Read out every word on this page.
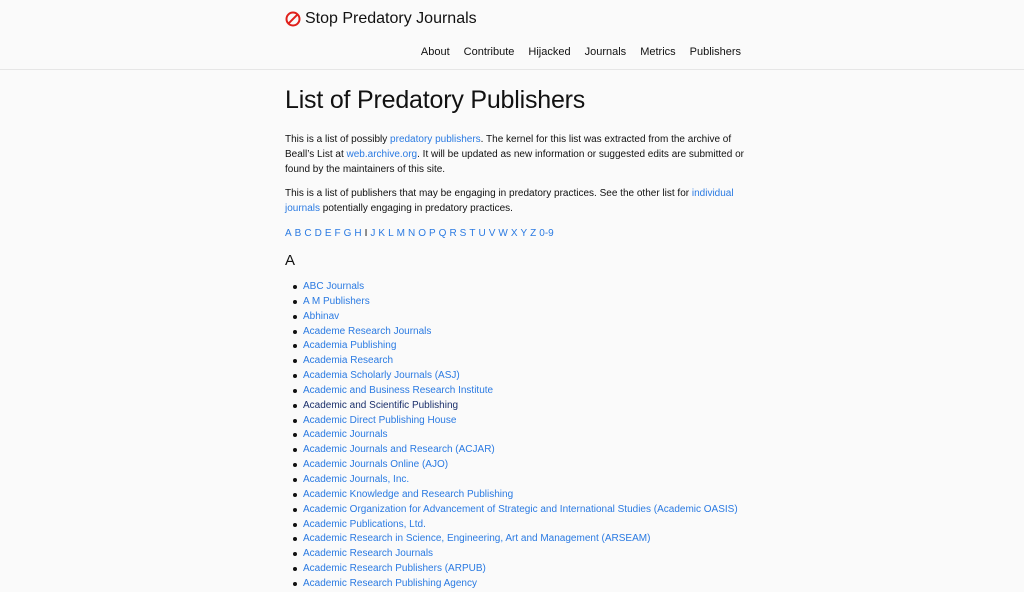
Stop Predatory Journals
About Contribute Hijacked Journals Metrics Publishers
List of Predatory Publishers

This is a list of possibly predatory publishers. The kernel for this list was extracted from the archive of Beall’s List at web.archive.org. It will be updated as new information or suggested edits are submitted or found by the maintainers of this site.

This is a list of publishers that may be engaging in predatory practices. See the other list for individual journals potentially engaging in predatory practices.

A B C D E F G H I J K L M N O P Q R S T U V W X Y Z 0-9
A
ABC Journals
A M Publishers
Abhinav
Academe Research Journals
Academia Publishing
Academia Research
Academia Scholarly Journals (ASJ)
Academic and Business Research Institute
Academic and Scientific Publishing
Academic Direct Publishing House
Academic Journals
Academic Journals and Research (ACJAR)
Academic Journals Online (AJO)
Academic Journals, Inc.
Academic Knowledge and Research Publishing
Academic Organization for Advancement of Strategic and International Studies (Academic OASIS)
Academic Publications, Ltd.
Academic Research in Science, Engineering, Art and Management (ARSEAM)
Academic Research Journals
Academic Research Publishers (ARPUB)
Academic Research Publishing Agency
